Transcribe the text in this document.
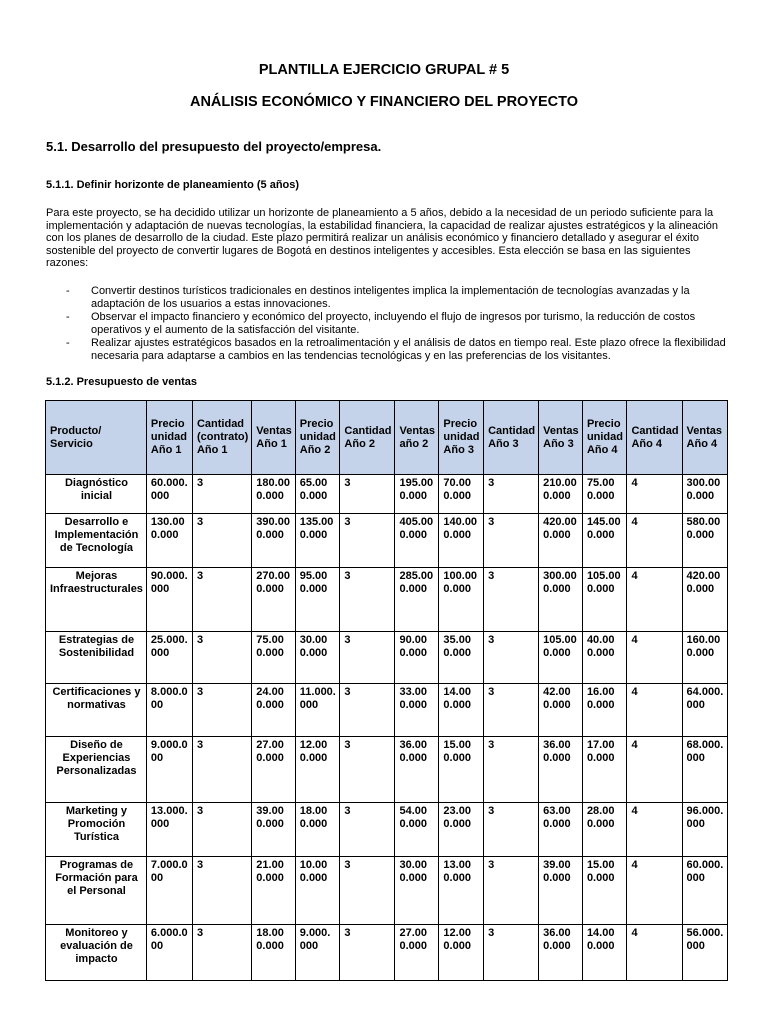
PLANTILLA EJERCICIO GRUPAL # 5
ANÁLISIS ECONÓMICO Y FINANCIERO DEL PROYECTO
5.1. Desarrollo del presupuesto del proyecto/empresa.
5.1.1. Definir horizonte de planeamiento (5 años)
Para este proyecto, se ha decidido utilizar un horizonte de planeamiento a 5 años, debido a la necesidad de un periodo suficiente para la implementación y adaptación de nuevas tecnologías, la estabilidad financiera, la capacidad de realizar ajustes estratégicos y la alineación con los planes de desarrollo de la ciudad. Este plazo permitirá realizar un análisis económico y financiero detallado y asegurar el éxito sostenible del proyecto de convertir lugares de Bogotá en destinos inteligentes y accesibles. Esta elección se basa en las siguientes razones:
- Convertir destinos turísticos tradicionales en destinos inteligentes implica la implementación de tecnologías avanzadas y la adaptación de los usuarios a estas innovaciones.
- Observar el impacto financiero y económico del proyecto, incluyendo el flujo de ingresos por turismo, la reducción de costos operativos y el aumento de la satisfacción del visitante.
- Realizar ajustes estratégicos basados en la retroalimentación y el análisis de datos en tiempo real. Este plazo ofrece la flexibilidad necesaria para adaptarse a cambios en las tendencias tecnológicas y en las preferencias de los visitantes.
5.1.2. Presupuesto de ventas
Producto/ Servicio	Precio unidad Año 1	Cantidad (contrato) Año 1	Ventas Año 1	Precio unidad Año 2	Cantidad Año 2	Ventas año 2	Precio unidad Año 3	Cantidad Año 3	Ventas Año 3	Precio unidad Año 4	Cantidad Año 4	Ventas Año 4
Diagnóstico inicial	60.000.000	3	180.000.000	65.000.000	3	195.000.000	70.000.000	3	210.000.000	75.000.000	4	300.000.000
Desarrollo e Implementación de Tecnología	130.000.000	3	390.000.000	135.000.000	3	405.000.000	140.000.000	3	420.000.000	145.000.000	4	580.000.000
Mejoras Infraestructurales	90.000.000	3	270.000.000	95.000.000	3	285.000.000	100.000.000	3	300.000.000	105.000.000	4	420.000.000
Estrategias de Sostenibilidad	25.000.000	3	75.000.000	30.000.000	3	90.000.000	35.000.000	3	105.000.000	40.000.000	4	160.000.000
Certificaciones y normativas	8.000.000	3	24.000.000	11.000.000	3	33.000.000	14.000.000	3	42.000.000	16.000.000	4	64.000.000
Diseño de Experiencias Personalizadas	9.000.000	3	27.000.000	12.000.000	3	36.000.000	15.000.000	3	36.000.000	17.000.000	4	68.000.000
Marketing y Promoción Turística	13.000.000	3	39.000.000	18.000.000	3	54.000.000	23.000.000	3	63.000.000	28.000.000	4	96.000.000
Programas de Formación para el Personal	7.000.000	3	21.000.000	10.000.000	3	30.000.000	13.000.000	3	39.000.000	15.000.000	4	60.000.000
Monitoreo y evaluación de impacto	6.000.000	3	18.000.000	9.000.000	3	27.000.000	12.000.000	3	36.000.000	14.000.000	4	56.000.000
